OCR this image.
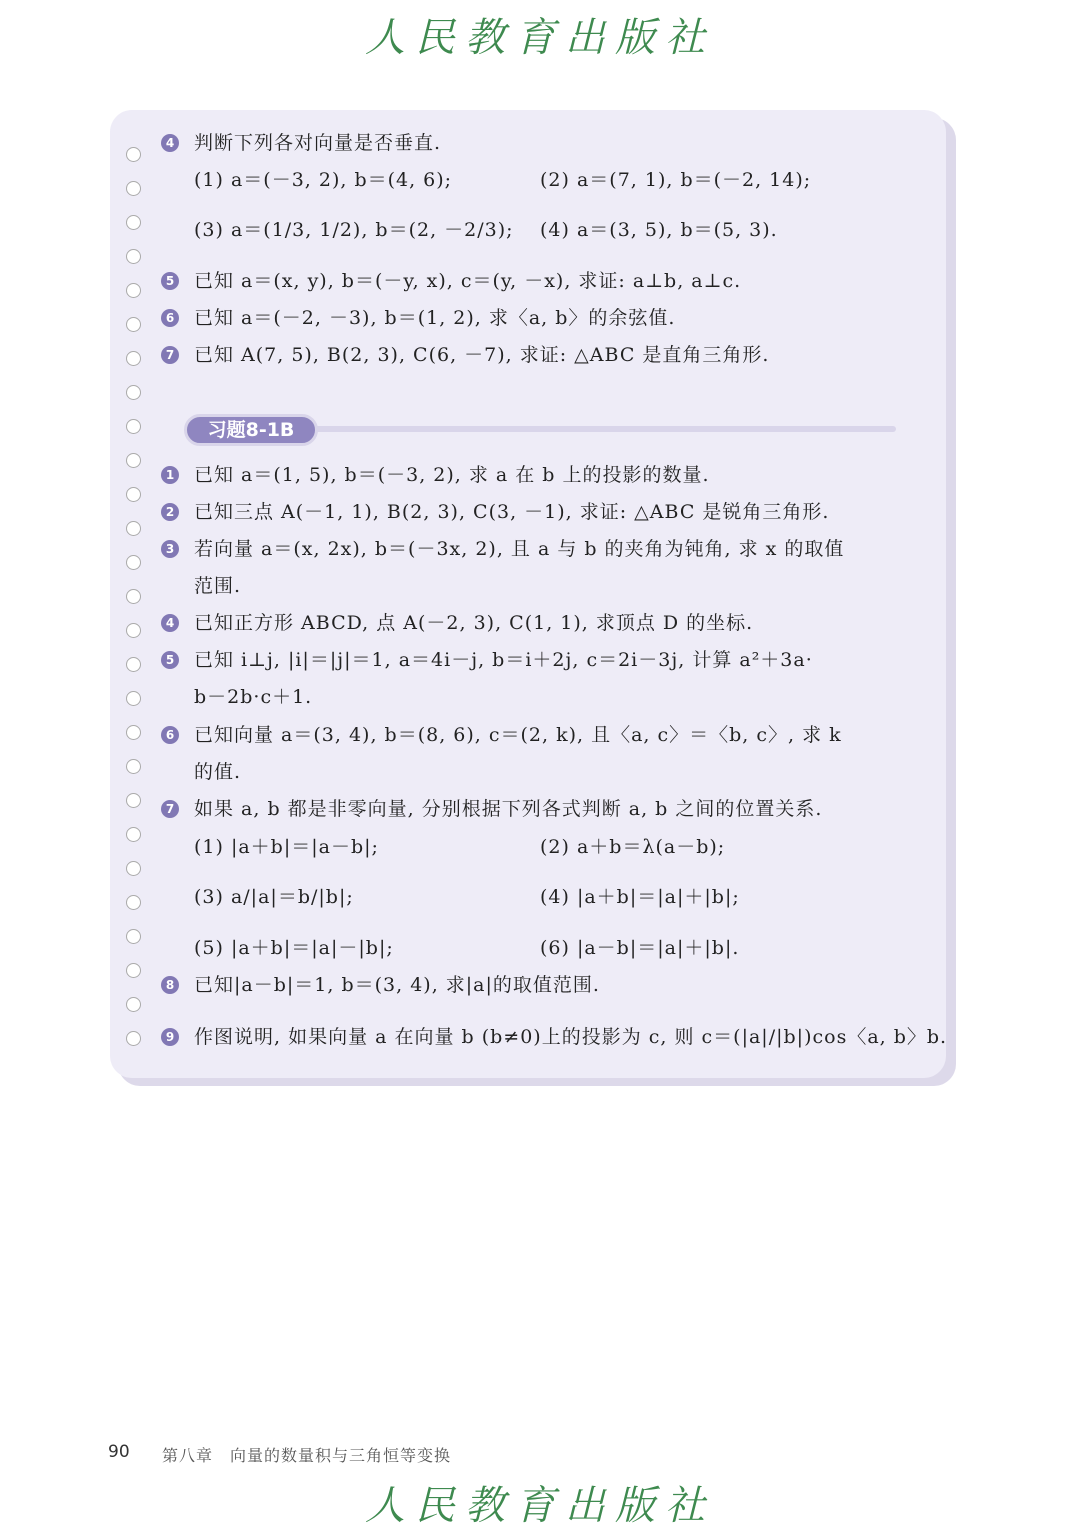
人民教育出版社
4 判断下列各对向量是否垂直.
(1) a＝(－3, 2), b＝(4, 6);	(2) a＝(7, 1), b＝(－2, 14);
(3) a＝(1/3, 1/2), b＝(2, －2/3); (4) a＝(3, 5), b＝(5, 3).
5 已知 a＝(x, y), b＝(－y, x), c＝(y, －x), 求证: a⊥b, a⊥c.
6 已知 a＝(－2, －3), b＝(1, 2), 求〈a, b〉的余弦值.
7 已知 A(7, 5), B(2, 3), C(6, －7), 求证: △ABC 是直角三角形.
习题8-1B
1 已知 a＝(1, 5), b＝(－3, 2), 求 a 在 b 上的投影的数量.
2 已知三点 A(－1, 1), B(2, 3), C(3, －1), 求证: △ABC 是锐角三角形.
3 若向量 a＝(x, 2x), b＝(－3x, 2), 且 a 与 b 的夹角为钝角, 求 x 的取值
范围.
4 已知正方形 ABCD, 点 A(－2, 3), C(1, 1), 求顶点 D 的坐标.
5 已知 i⊥j, |i|＝|j|＝1, a＝4i－j, b＝i＋2j, c＝2i－3j, 计算 a²＋3a·
b－2b·c＋1.
6 已知向量 a＝(3, 4), b＝(8, 6), c＝(2, k), 且〈a, c〉＝〈b, c〉, 求 k
的值.
7 如果 a, b 都是非零向量, 分别根据下列各式判断 a, b 之间的位置关系.
(1) |a＋b|＝|a－b|;	(2) a＋b＝λ(a－b);
(3) a/|a|＝b/|b|;	(4) |a＋b|＝|a|＋|b|;
(5) |a＋b|＝|a|－|b|;	(6) |a－b|＝|a|＋|b|.
8 已知|a－b|＝1, b＝(3, 4), 求|a|的取值范围.
9 作图说明, 如果向量 a 在向量 b (b≠0)上的投影为 c, 则 c＝(|a|/|b|)cos〈a, b〉b.
90 第八章　向量的数量积与三角恒等变换
人民教育出版社
